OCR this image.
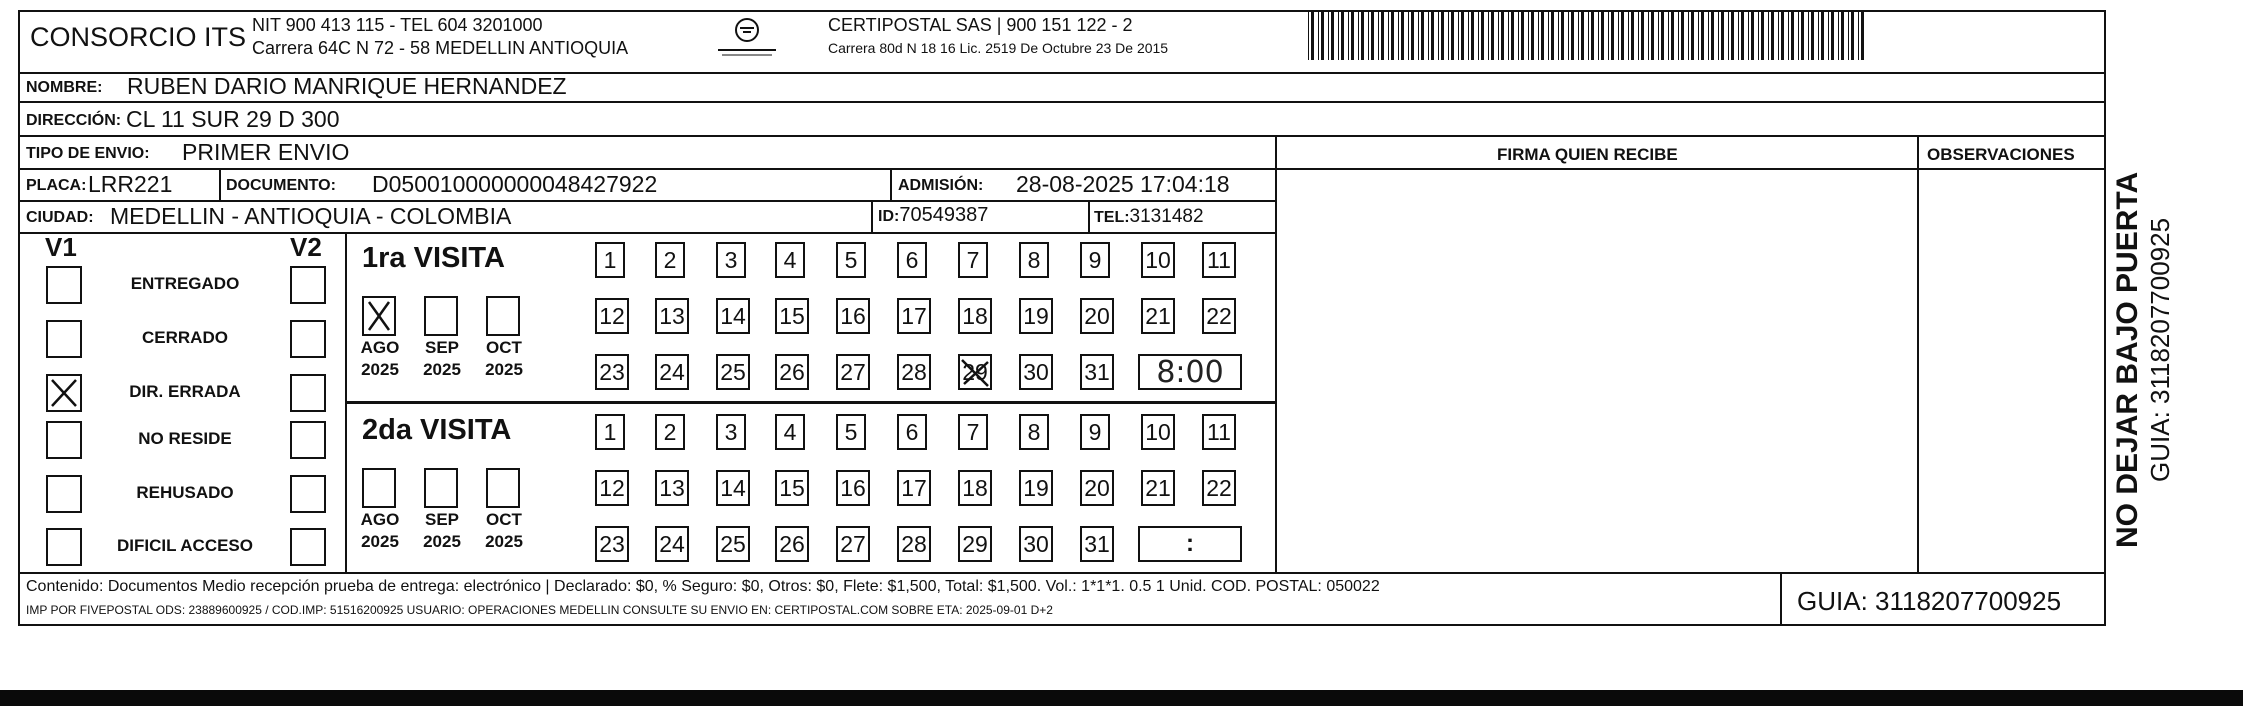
CONSORCIO ITS NIT 900 413 115 - TEL 604 3201000
Carrera 64C N 72 - 58 MEDELLIN ANTIOQUIA
CERTIPOSTAL SAS | 900 151 122 - 2
Carrera 80d N 18 16 Lic. 2519 De Octubre 23 De 2015
NOMBRE: RUBEN DARIO MANRIQUE HERNANDEZ
DIRECCIÓN: CL 11 SUR 29 D 300
TIPO DE ENVIO: PRIMER ENVIO	FIRMA QUIEN RECIBE	OBSERVACIONES
PLACA: LRR221	DOCUMENTO: D050010000000048427922	ADMISIÓN: 28-08-2025 17:04:18
CIUDAD: MEDELLIN - ANTIOQUIA - COLOMBIA	ID:70549387	TEL:3131482
V1	V2
ENTREGADO
CERRADO
DIR. ERRADA
NO RESIDE
REHUSADO
DIFICIL ACCESO
1ra VISITA
AGO
2025
SEP
2025
OCT
2025
1	2	3	4	5	6	7	8	9	10 11
12 13 14 15 16 17 18 19 20 21 22
23 24 25 26 27 28 29 30 31 8:00
2da VISITA
AGO
2025
SEP
2025
OCT
2025
1	2	3	4	5	6	7	8	9	10 11
12 13 14 15 16 17 18 19 20 21 22
23 24 25 26 27 28 29 30 31	:
Contenido: Documentos Medio recepción prueba de entrega: electrónico | Declarado: $0, % Seguro: $0, Otros: $0, Flete: $1,500, Total: $1,500. Vol.: 1*1*1. 0.5 1 Unid. COD. POSTAL: 050022
IMP POR FIVEPOSTAL ODS: 23889600925 / COD.IMP: 51516200925 USUARIO: OPERACIONES MEDELLIN CONSULTE SU ENVIO EN: CERTIPOSTAL.COM SOBRE ETA: 2025-09-01 D+2	GUIA: 3118207700925
NO DEJAR BAJO PUERTA GUIA: 3118207700925
